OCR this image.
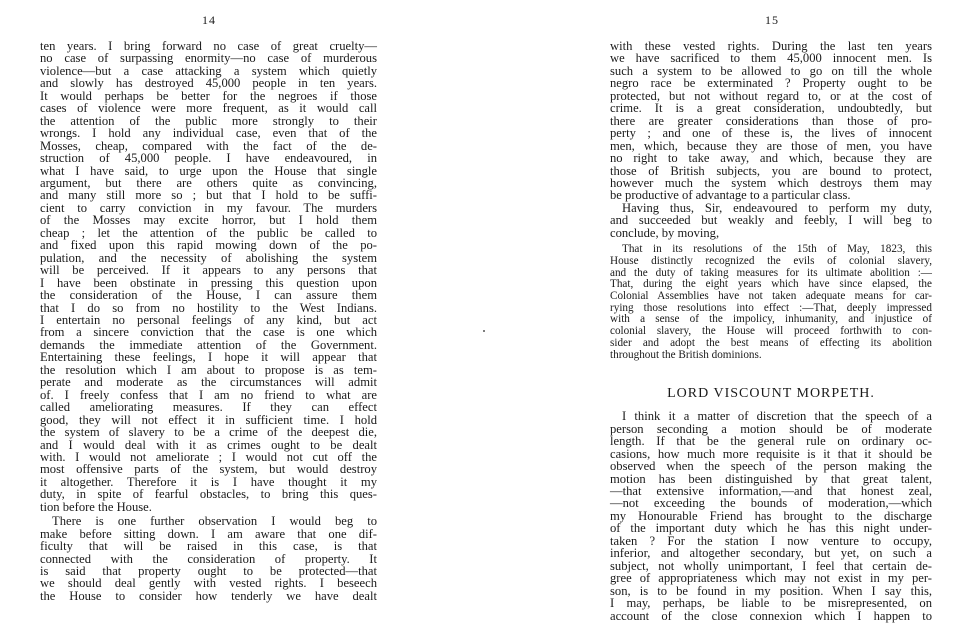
14
ten years. I bring forward no case of great cruelty—
no case of surpassing enormity—no case of murderous
violence—but a case attacking a system which quietly
and slowly has destroyed 45,000 people in ten years.
It would perhaps be better for the negroes if those
cases of violence were more frequent, as it would call
the attention of the public more strongly to their
wrongs. I hold any individual case, even that of the
Mosses, cheap, compared with the fact of the de-
struction of 45,000 people. I have endeavoured, in
what I have said, to urge upon the House that single
argument, but there are others quite as convincing,
and many still more so ; but that I hold to be suffi-
cient to carry conviction in my favour. The murders
of the Mosses may excite horror, but I hold them
cheap ; let the attention of the public be called to
and fixed upon this rapid mowing down of the po-
pulation, and the necessity of abolishing the system
will be perceived. If it appears to any persons that
I have been obstinate in pressing this question upon
the consideration of the House, I can assure them
that I do so from no hostility to the West Indians.
I entertain no personal feelings of any kind, but act
from a sincere conviction that the case is one which
demands the immediate attention of the Government.
Entertaining these feelings, I hope it will appear that
the resolution which I am about to propose is as tem-
perate and moderate as the circumstances will admit
of. I freely confess that I am no friend to what are
called ameliorating measures. If they can effect
good, they will not effect it in sufficient time. I hold
the system of slavery to be a crime of the deepest die,
and I would deal with it as crimes ought to be dealt
with. I would not ameliorate ; I would not cut off the
most offensive parts of the system, but would destroy
it altogether. Therefore it is I have thought it my
duty, in spite of fearful obstacles, to bring this ques-
tion before the House.
There is one further observation I would beg to
make before sitting down. I am aware that one dif-
ficulty that will be raised in this case, is that
connected with the consideration of property. It
is said that property ought to be protected—that
we should deal gently with vested rights. I beseech
the House to consider how tenderly we have dealt
15
with these vested rights. During the last ten years
we have sacrificed to them 45,000 innocent men. Is
such a system to be allowed to go on till the whole
negro race be exterminated ? Property ought to be
protected, but not without regard to, or at the cost of
crime. It is a great consideration, undoubtedly, but
there are greater considerations than those of pro-
perty ; and one of these is, the lives of innocent
men, which, because they are those of men, you have
no right to take away, and which, because they are
those of British subjects, you are bound to protect,
however much the system which destroys them may
be productive of advantage to a particular class.
Having thus, Sir, endeavoured to perform my duty,
and succeeded but weakly and feebly, I will beg to
conclude, by moving,
That in its resolutions of the 15th of May, 1823, this
House distinctly recognized the evils of colonial slavery,
and the duty of taking measures for its ultimate abolition :—
That, during the eight years which have since elapsed, the
Colonial Assemblies have not taken adequate means for car-
rying those resolutions into effect :—That, deeply impressed
with a sense of the impolicy, inhumanity, and injustice of
colonial slavery, the House will proceed forthwith to con-
sider and adopt the best means of effecting its abolition
throughout the British dominions.
LORD VISCOUNT MORPETH.
I think it a matter of discretion that the speech of a
person seconding a motion should be of moderate
length. If that be the general rule on ordinary oc-
casions, how much more requisite is it that it should be
observed when the speech of the person making the
motion has been distinguished by that great talent,
—that extensive information,—and that honest zeal,
—not exceeding the bounds of moderation,—which
my Honourable Friend has brought to the discharge
of the important duty which he has this night under-
taken ? For the station I now venture to occupy,
inferior, and altogether secondary, but yet, on such a
subject, not wholly unimportant, I feel that certain de-
gree of appropriateness which may not exist in my per-
son, is to be found in my position. When I say this,
I may, perhaps, be liable to be misrepresented, on
account of the close connexion which I happen to
